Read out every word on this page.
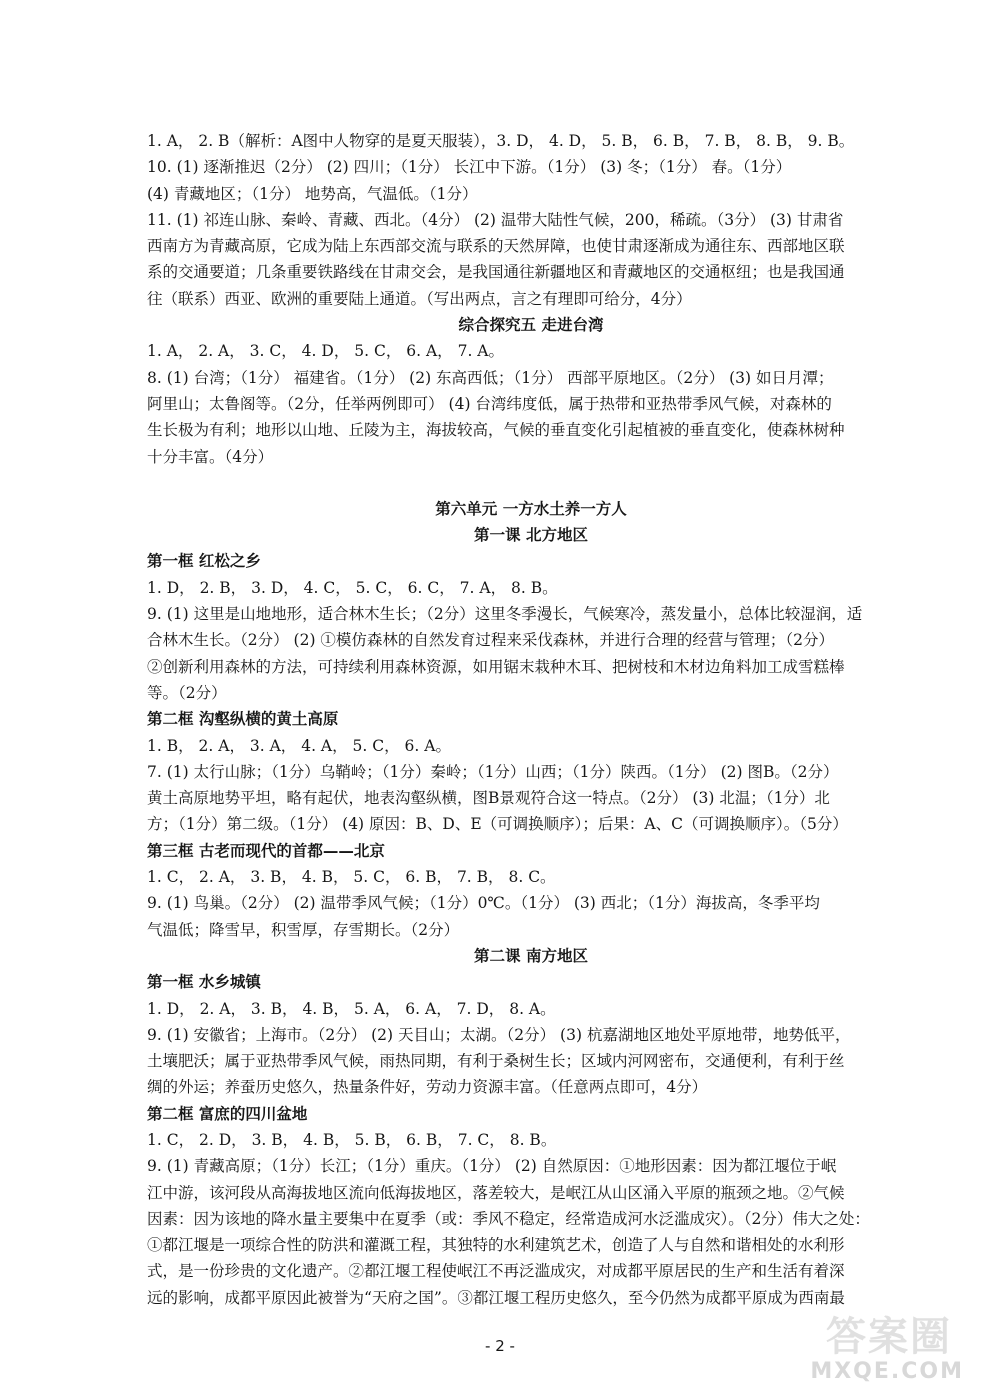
1. A， 2. B（解析：A图中人物穿的是夏天服装），3. D， 4. D， 5. B， 6. B， 7. B， 8. B， 9. B。
10. (1) 逐渐推迟（2分） (2) 四川；（1分） 长江中下游。（1分） (3) 冬；（1分） 春。（1分）
(4) 青藏地区；（1分） 地势高，气温低。（1分）
11. (1) 祁连山脉、秦岭、青藏、西北。（4分） (2) 温带大陆性气候，200，稀疏。（3分） (3) 甘肃省
西南方为青藏高原，它成为陆上东西部交流与联系的天然屏障，也使甘肃逐渐成为通往东、西部地区联
系的交通要道；几条重要铁路线在甘肃交会，是我国通往新疆地区和青藏地区的交通枢纽；也是我国通
往（联系）西亚、欧洲的重要陆上通道。（写出两点，言之有理即可给分，4分）
综合探究五 走进台湾
1. A， 2. A， 3. C， 4. D， 5. C， 6. A， 7. A。
8. (1) 台湾；（1分） 福建省。（1分） (2) 东高西低；（1分） 西部平原地区。（2分） (3) 如日月潭；
阿里山；太鲁阁等。（2分，任举两例即可） (4) 台湾纬度低，属于热带和亚热带季风气候，对森林的
生长极为有利；地形以山地、丘陵为主，海拔较高，气候的垂直变化引起植被的垂直变化，使森林树种
十分丰富。（4分）
第六单元 一方水土养一方人
第一课 北方地区
第一框 红松之乡
1. D， 2. B， 3. D， 4. C， 5. C， 6. C， 7. A， 8. B。
9. (1) 这里是山地地形，适合林木生长；（2分）这里冬季漫长，气候寒冷，蒸发量小，总体比较湿润，适
合林木生长。（2分） (2) ①模仿森林的自然发育过程来采伐森林，并进行合理的经营与管理；（2分）
②创新利用森林的方法，可持续利用森林资源，如用锯末栽种木耳、把树枝和木材边角料加工成雪糕棒
等。（2分）
第二框 沟壑纵横的黄土高原
1. B， 2. A， 3. A， 4. A， 5. C， 6. A。
7. (1) 太行山脉；（1分）乌鞘岭；（1分）秦岭；（1分）山西；（1分）陕西。（1分） (2) 图B。（2分）
黄土高原地势平坦，略有起伏，地表沟壑纵横，图B景观符合这一特点。（2分） (3) 北温；（1分）北
方；（1分）第二级。（1分） (4) 原因：B、D、E（可调换顺序）；后果：A、C（可调换顺序）。（5分）
第三框 古老而现代的首都——北京
1. C， 2. A， 3. B， 4. B， 5. C， 6. B， 7. B， 8. C。
9. (1) 鸟巢。（2分） (2) 温带季风气候；（1分）0℃。（1分） (3) 西北；（1分）海拔高，冬季平均
气温低；降雪早，积雪厚，存雪期长。（2分）
第二课 南方地区
第一框 水乡城镇
1. D， 2. A， 3. B， 4. B， 5. A， 6. A， 7. D， 8. A。
9. (1) 安徽省；上海市。（2分） (2) 天目山；太湖。（2分） (3) 杭嘉湖地区地处平原地带，地势低平，
土壤肥沃；属于亚热带季风气候，雨热同期，有利于桑树生长；区域内河网密布，交通便利，有利于丝
绸的外运；养蚕历史悠久，热量条件好，劳动力资源丰富。（任意两点即可，4分）
第二框 富庶的四川盆地
1. C， 2. D， 3. B， 4. B， 5. B， 6. B， 7. C， 8. B。
9. (1) 青藏高原；（1分）长江；（1分）重庆。（1分） (2) 自然原因：①地形因素：因为都江堰位于岷
江中游，该河段从高海拔地区流向低海拔地区，落差较大，是岷江从山区涌入平原的瓶颈之地。②气候
因素：因为该地的降水量主要集中在夏季（或：季风不稳定，经常造成河水泛滥成灾）。（2分）伟大之处：
①都江堰是一项综合性的防洪和灌溉工程，其独特的水利建筑艺术，创造了人与自然和谐相处的水利形
式，是一份珍贵的文化遗产。②都江堰工程使岷江不再泛滥成灾，对成都平原居民的生产和生活有着深
远的影响，成都平原因此被誉为“天府之国”。③都江堰工程历史悠久，至今仍然为成都平原成为西南最
- 2 -	答案圈
MXQE.COM
